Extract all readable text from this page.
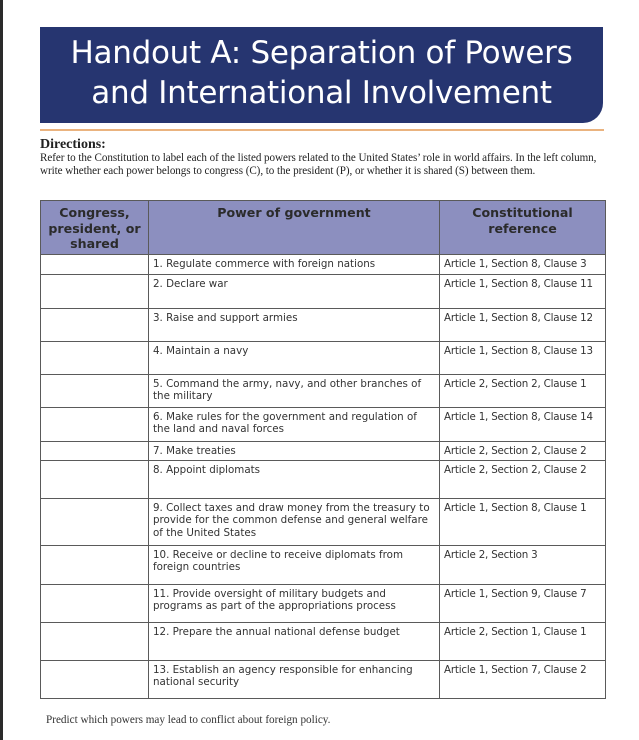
Handout A: Separation of Powers
and International Involvement
Directions:
Refer to the Constitution to label each of the listed powers related to the United States’ role in world affairs. In the left column, write whether each power belongs to congress (C), to the president (P), or whether it is shared (S) between them.
Congress, president, or shared	Power of government	Constitutional reference
	1. Regulate commerce with foreign nations	Article 1, Section 8, Clause 3
	2. Declare war	Article 1, Section 8, Clause 11
	3. Raise and support armies	Article 1, Section 8, Clause 12
	4. Maintain a navy	Article 1, Section 8, Clause 13
	5. Command the army, navy, and other branches of the military	Article 2, Section 2, Clause 1
	6. Make rules for the government and regulation of the land and naval forces	Article 1, Section 8, Clause 14
	7. Make treaties	Article 2, Section 2, Clause 2
	8. Appoint diplomats	Article 2, Section 2, Clause 2
	9. Collect taxes and draw money from the treasury to provide for the common defense and general welfare of the United States	Article 1, Section 8, Clause 1
	10. Receive or decline to receive diplomats from foreign countries	Article 2, Section 3
	11. Provide oversight of military budgets and programs as part of the appropriations process	Article 1, Section 9, Clause 7
	12. Prepare the annual national defense budget	Article 2, Section 1, Clause 1
	13. Establish an agency responsible for enhancing national security	Article 1, Section 7, Clause 2
Predict which powers may lead to conflict about foreign policy.
